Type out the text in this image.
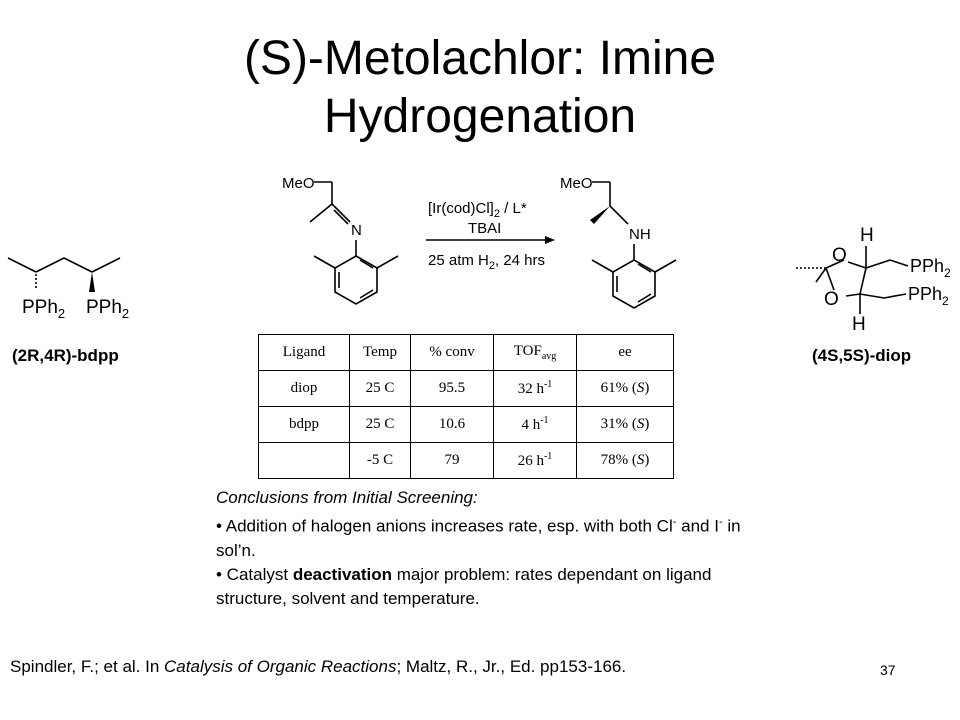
(S)-Metolachlor: Imine
Hydrogenation
PPh$_2$ PPh$_2$
(2R,4R)-bdpp
MeO
N
$[Ir(cod)Cl]_2 / L*$
TBAI
25 atm $H_2$, 24 hrs
MeO
NH	H
O
O
H
PPh$_2$
PPh$_2$
(4S,5S)-diop
Ligand	Temp	% conv	$TOF_{avg}$	ee
diop	25 C	95.5	32 $h^{-1}$	61% (S)
bdpp	25 C	10.6	4 $h^{-1}$	31% (S)
	-5 C	79	26 $h^{-1}$	78% (S)
Conclusions from Initial Screening:
• Addition of halogen anions increases rate, esp. with both Cl- and I- in sol’n.
• Catalyst deactivation major problem: rates dependant on ligand structure, solvent and temperature.
Spindler, F.; et al. In Catalysis of Organic Reactions; Maltz, R., Jr., Ed. pp153-166.	37
